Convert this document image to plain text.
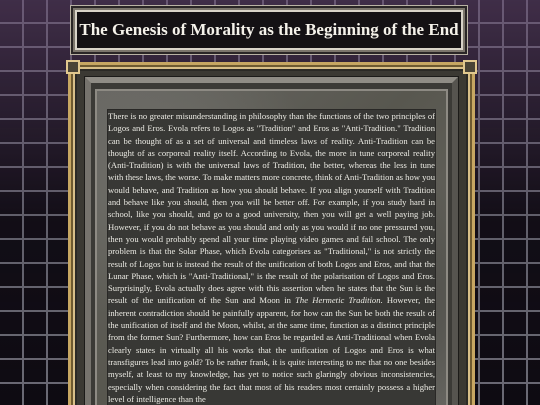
The Genesis of Morality as the Beginning of the End

There is no greater misunderstanding in philosophy than the functions of the two principles of Logos and Eros. Evola refers to Logos as "Tradition" and Eros as "Anti-Tradition." Tradition can be thought of as a set of universal and timeless laws of reality. Anti-Tradition can be thought of as corporeal reality itself. According to Evola, the more in tune corporeal reality (Anti-Tradition) is with the universal laws of Tradition, the better, whereas the less in tune with these laws, the worse. To make matters more concrete, think of Anti-Tradition as how you would behave, and Tradition as how you should behave. If you align yourself with Tradition and behave like you should, then you will be better off. For example, if you study hard in school, like you should, and go to a good university, then you will get a well paying job. However, if you do not behave as you should and only as you would if no one pressured you, then you would probably spend all your time playing video games and fail school. The only problem is that the Solar Phase, which Evola categorises as "Traditional," is not strictly the result of Logos but is instead the result of the unification of both Logos and Eros, and that the Lunar Phase, which is "Anti-Traditional," is the result of the polarisation of Logos and Eros. Surprisingly, Evola actually does agree with this assertion when he states that the Sun is the result of the unification of the Sun and Moon in The Hermetic Tradition. However, the inherent contradiction should be painfully apparent, for how can the Sun be both the result of the unification of itself and the Moon, whilst, at the same time, function as a distinct principle from the former Sun? Furthermore, how can Eros be regarded as Anti-Traditional when Evola clearly states in virtually all his works that the unification of Logos and Eros is what transfigures lead into gold? To be rather frank, it is quite interesting to me that no one besides myself, at least to my knowledge, has yet to notice such glaringly obvious inconsistencies, especially when considering the fact that most of his readers most certainly possess a higher level of intelligence than the
